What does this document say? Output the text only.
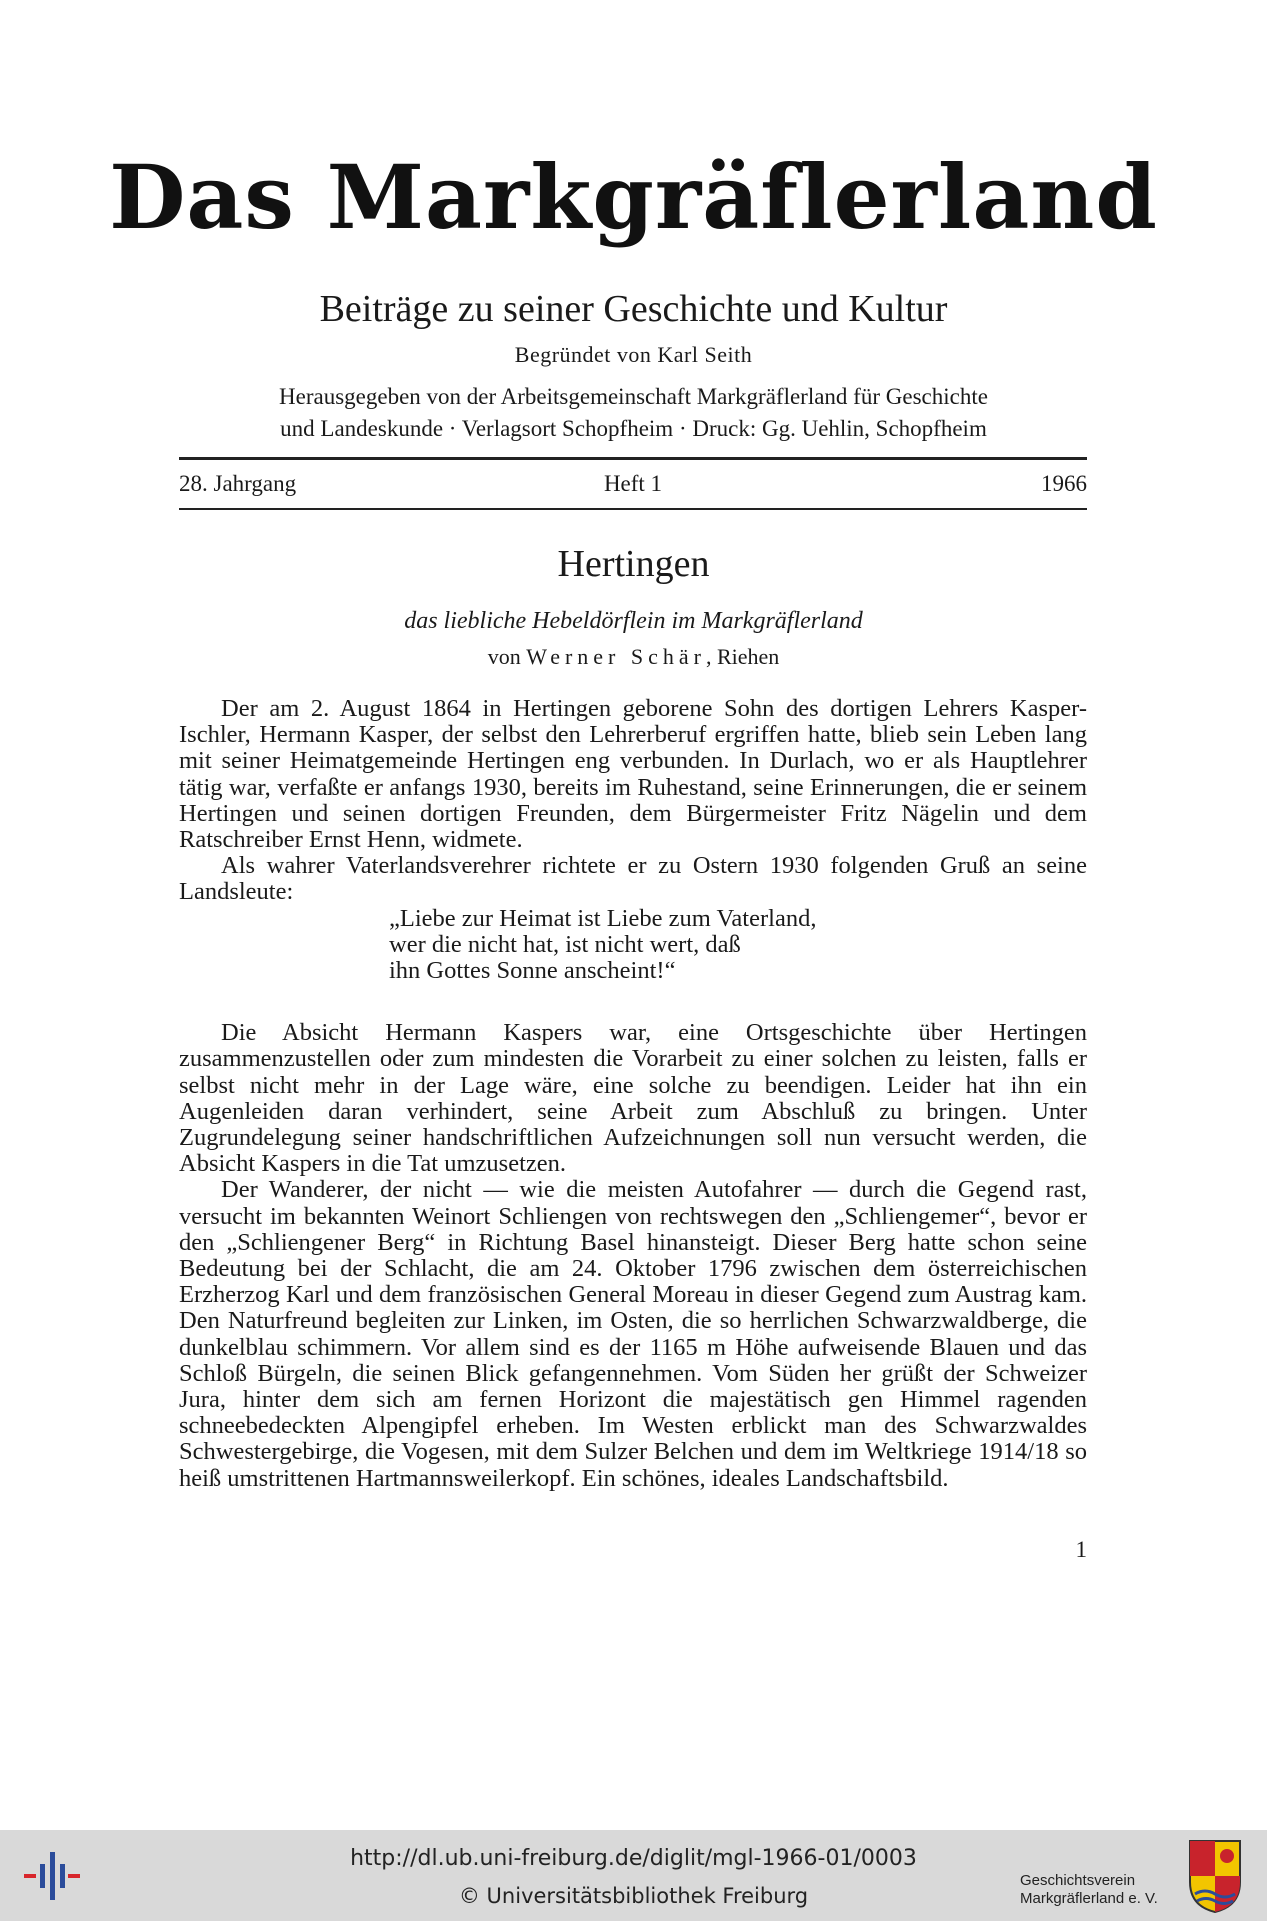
Das Markgräflerland
Beiträge zu seiner Geschichte und Kultur
Begründet von Karl Seith
Herausgegeben von der Arbeitsgemeinschaft Markgräflerland für Geschichte
und Landeskunde · Verlagsort Schopfheim · Druck: Gg. Uehlin, Schopfheim
28. Jahrgang	Heft 1	1966
Hertingen
das liebliche Hebeldörflein im Markgräflerland
von Werner Schär, Riehen

Der am 2. August 1864 in Hertingen geborene Sohn des dortigen Lehrers Kasper-Ischler, Hermann Kasper, der selbst den Lehrerberuf ergriffen hatte, blieb sein Leben lang mit seiner Heimatgemeinde Hertingen eng verbunden. In Durlach, wo er als Hauptlehrer tätig war, verfaßte er anfangs 1930, bereits im Ruhestand, seine Erinnerungen, die er seinem Hertingen und seinen dortigen Freunden, dem Bürgermeister Fritz Nägelin und dem Ratschreiber Ernst Henn, widmete.

Als wahrer Vaterlandsverehrer richtete er zu Ostern 1930 folgenden Gruß an seine Landsleute:

„Liebe zur Heimat ist Liebe zum Vaterland,
wer die nicht hat, ist nicht wert, daß
ihn Gottes Sonne anscheint!“

Die Absicht Hermann Kaspers war, eine Ortsgeschichte über Hertingen zusammenzustellen oder zum mindesten die Vorarbeit zu einer solchen zu leisten, falls er selbst nicht mehr in der Lage wäre, eine solche zu beendigen. Leider hat ihn ein Augenleiden daran verhindert, seine Arbeit zum Abschluß zu bringen. Unter Zugrundelegung seiner handschriftlichen Aufzeichnungen soll nun versucht werden, die Absicht Kaspers in die Tat umzusetzen.

Der Wanderer, der nicht — wie die meisten Autofahrer — durch die Gegend rast, versucht im bekannten Weinort Schliengen von rechtswegen den „Schliengemer“, bevor er den „Schliengener Berg“ in Richtung Basel hinansteigt. Dieser Berg hatte schon seine Bedeutung bei der Schlacht, die am 24. Oktober 1796 zwischen dem österreichischen Erzherzog Karl und dem französischen General Moreau in dieser Gegend zum Austrag kam. Den Naturfreund begleiten zur Linken, im Osten, die so herrlichen Schwarzwaldberge, die dunkelblau schimmern. Vor allem sind es der 1165 m Höhe aufweisende Blauen und das Schloß Bürgeln, die seinen Blick gefangennehmen. Vom Süden her grüßt der Schweizer Jura, hinter dem sich am fernen Horizont die majestätisch gen Himmel ragenden schneebedeckten Alpengipfel erheben. Im Westen erblickt man des Schwarzwaldes Schwestergebirge, die Vogesen, mit dem Sulzer Belchen und dem im Weltkriege 1914/18 so heiß umstrittenen Hartmannsweilerkopf. Ein schönes, ideales Landschaftsbild.

1
http://dl.ub.uni-freiburg.de/diglit/mgl-1966-01/0003
© Universitätsbibliothek Freiburg
Geschichtsverein
Markgräflerland e. V.
